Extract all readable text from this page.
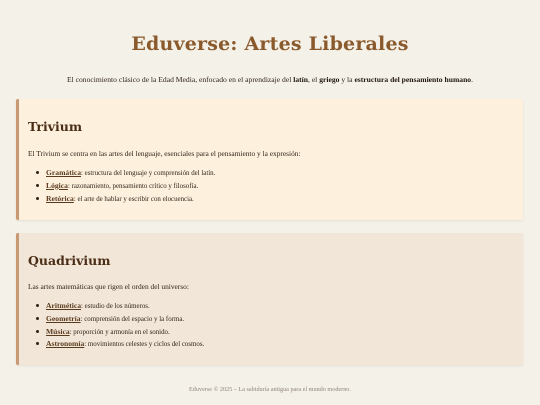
Eduverse: Artes Liberales

El conocimiento clásico de la Edad Media, enfocado en el aprendizaje del latín, el griego y la estructura del pensamiento humano.

Trivium

El Trivium se centra en las artes del lenguaje, esenciales para el pensamiento y la expresión:

Gramática: estructura del lenguaje y comprensión del latín.
Lógica: razonamiento, pensamiento crítico y filosofía.
Retórica: el arte de hablar y escribir con elocuencia.
Quadrivium

Las artes matemáticas que rigen el orden del universo:

Aritmética: estudio de los números.
Geometría: comprensión del espacio y la forma.
Música: proporción y armonía en el sonido.
Astronomía: movimientos celestes y ciclos del cosmos.
Eduverse © 2025 – La sabiduría antigua para el mundo moderno.
